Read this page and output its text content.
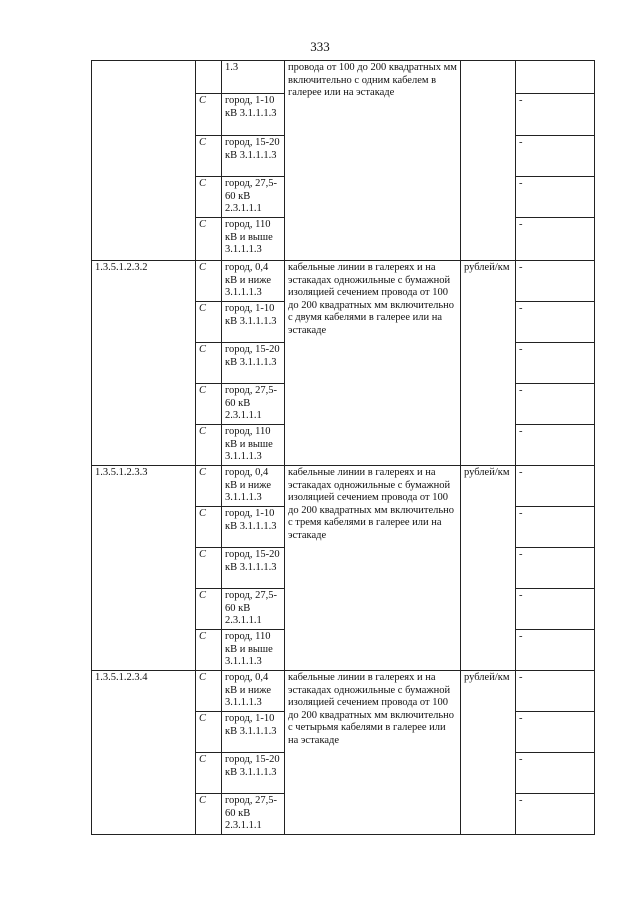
333
		1.3	провода от 100 до 200 квадратных мм включительно с одним кабелем в галерее или на эстакаде		
	С	город, 1-10 кВ 3.1.1.1.3			-
	С	город, 15-20 кВ 3.1.1.1.3			-
	С	город, 27,5-60 кВ 2.3.1.1.1			-
	С	город, 110 кВ и выше 3.1.1.1.3			-
1.3.5.1.2.3.2	С	город, 0,4 кВ и ниже 3.1.1.1.3	кабельные линии в галереях и на эстакадах одножильные с бумажной изоляцией сечением провода от 100 до 200 квадратных мм включительно с двумя кабелями в галерее или на эстакаде	рублей/км	-
	С	город, 1-10 кВ 3.1.1.1.3			-
	С	город, 15-20 кВ 3.1.1.1.3			-
	С	город, 27,5-60 кВ 2.3.1.1.1			-
	С	город, 110 кВ и выше 3.1.1.1.3			-
1.3.5.1.2.3.3	С	город, 0,4 кВ и ниже 3.1.1.1.3	кабельные линии в галереях и на эстакадах одножильные с бумажной изоляцией сечением провода от 100 до 200 квадратных мм включительно с тремя кабелями в галерее или на эстакаде	рублей/км	-
	С	город, 1-10 кВ 3.1.1.1.3			-
	С	город, 15-20 кВ 3.1.1.1.3			-
	С	город, 27,5-60 кВ 2.3.1.1.1			-
	С	город, 110 кВ и выше 3.1.1.1.3			-
1.3.5.1.2.3.4	С	город, 0,4 кВ и ниже 3.1.1.1.3	кабельные линии в галереях и на эстакадах одножильные с бумажной изоляцией сечением провода от 100 до 200 квадратных мм включительно с четырьмя кабелями в галерее или на эстакаде	рублей/км	-
	С	город, 1-10 кВ 3.1.1.1.3			-
	С	город, 15-20 кВ 3.1.1.1.3			-
	С	город, 27,5-60 кВ 2.3.1.1.1			-
